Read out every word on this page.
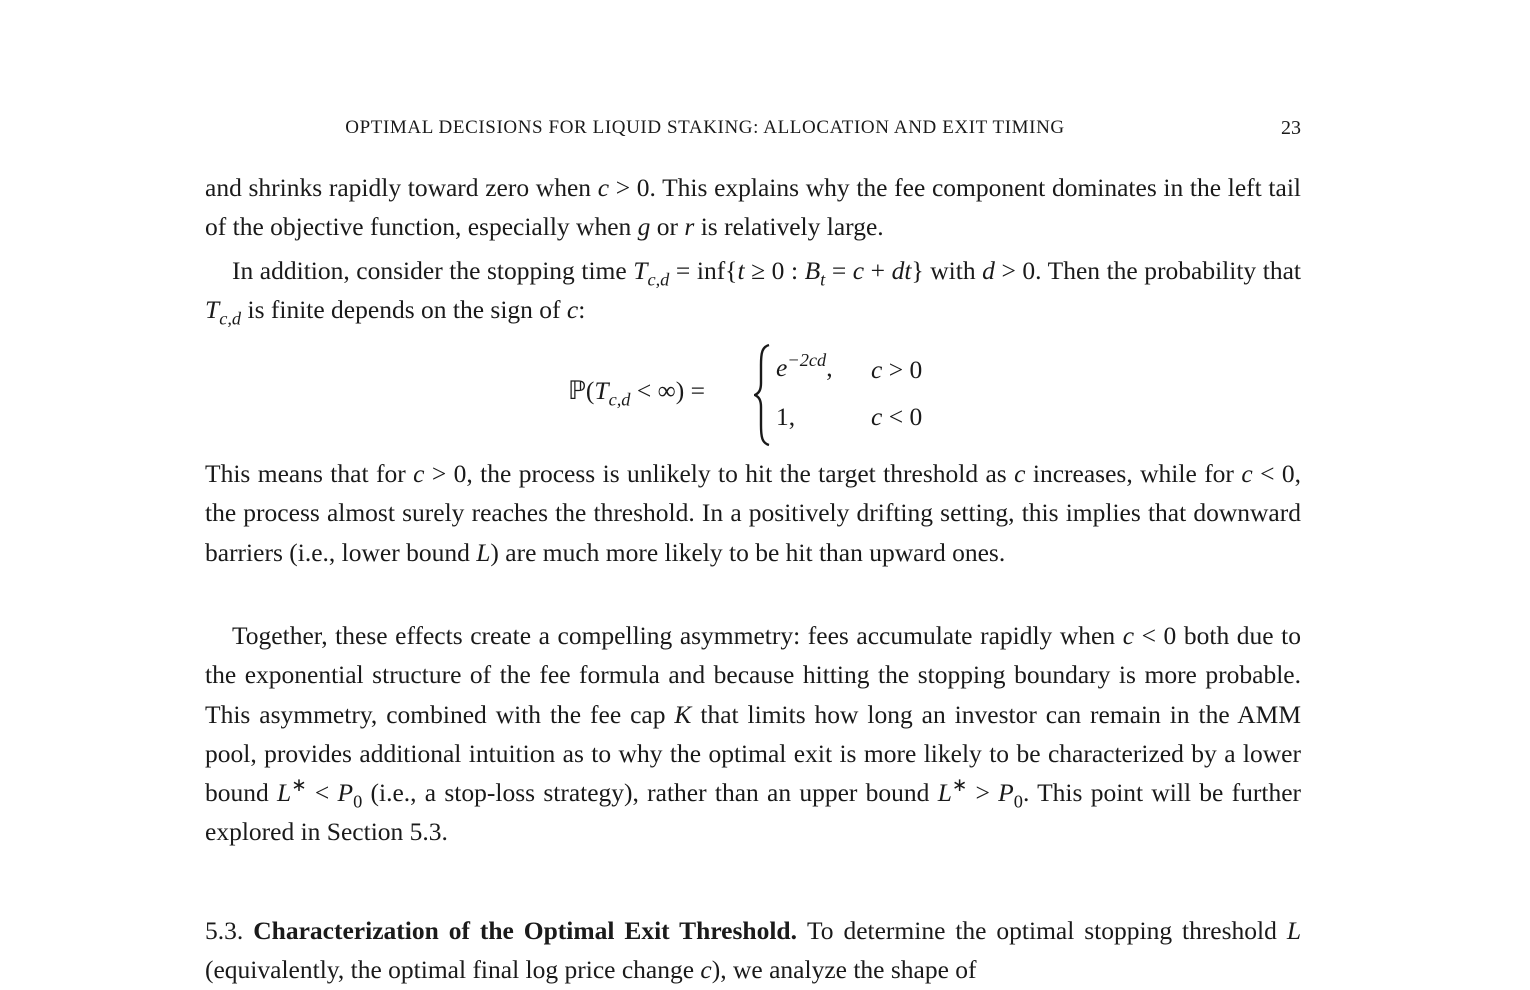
OPTIMAL DECISIONS FOR LIQUID STAKING: ALLOCATION AND EXIT TIMING	23

and shrinks rapidly toward zero when c > 0. This explains why the fee component dominates in the left tail of the objective function, especially when g or r is relatively large.

In addition, consider the stopping time $T_{c,d} = inf\{t \ge 0$ : $B_t = c + dt$} with d > 0. Then the probability that $T_{c,d}$ is finite depends on the sign of c:

$ℙ(T_{c,d}$ < ∞) =
$e^{-2cd}$, c > 0
1,	c < 0

This means that for c > 0, the process is unlikely to hit the target threshold as c increases, while for c < 0, the process almost surely reaches the threshold. In a positively drifting setting, this implies that downward barriers (i.e., lower bound L) are much more likely to be hit than upward ones.

Together, these effects create a compelling asymmetry: fees accumulate rapidly when c < 0 both due to the exponential structure of the fee formula and because hitting the stopping boundary is more probable. This asymmetry, combined with the fee cap K that limits how long an investor can remain in the AMM pool, provides additional intuition as to why the optimal exit is more likely to be characterized by a lower bound $L^∗ < P_0$ (i.e., a stop-loss strategy), rather than an upper bound $L^∗ > P_0$. This point will be further explored in Section 5.3.

5.3. Characterization of the Optimal Exit Threshold. To determine the optimal stopping threshold L (equivalently, the optimal final log price change c), we analyze the shape of
